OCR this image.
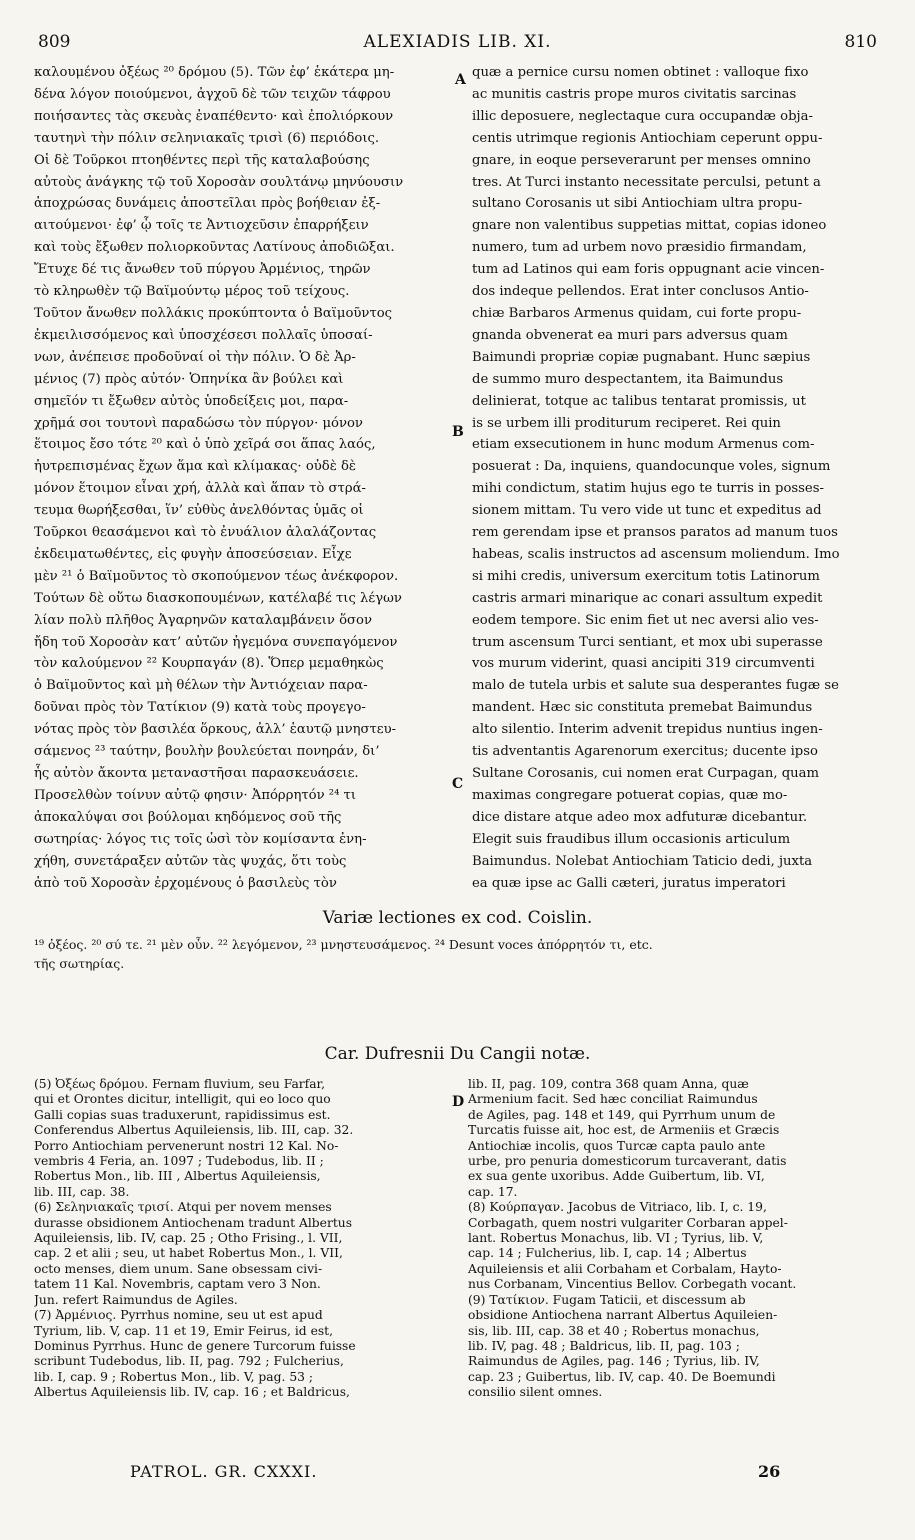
809	ALEXIADIS LIB. XI.	810
καλουμένου ὀξέως ²⁰ δρόμου (5). Τῶν ἐφ’ ἑκάτερα μη-
δένα λόγον ποιούμενοι, ἀγχοῦ δὲ τῶν τειχῶν τάφρου
ποιήσαντες τὰς σκευὰς ἐναπέθεντο· καὶ ἐπολιόρκουν
ταυτηνὶ τὴν πόλιν σεληνιακαῖς τρισὶ (6) περιόδοις.
Οἱ δὲ Τοῦρκοι πτοηθέντες περὶ τῆς καταλαβούσης
αὐτοὺς ἀνάγκης τῷ τοῦ Χοροσὰν σουλτάνῳ μηνύουσιν
ἀποχρώσας δυνάμεις ἀποστεῖλαι πρὸς βοήθειαν ἐξ-
αιτούμενοι· ἐφ’ ᾧ τοῖς τε Ἀντιοχεῦσιν ἐπαρρήξειν
καὶ τοὺς ἔξωθεν πολιορκοῦντας Λατίνους ἀποδιῶξαι.
Ἔτυχε δέ τις ἄνωθεν τοῦ πύργου Ἀρμένιος, τηρῶν
τὸ κληρωθὲν τῷ Βαϊμούντῳ μέρος τοῦ τείχους.
Τοῦτον ἄνωθεν πολλάκις προκύπτοντα ὁ Βαϊμοῦντος
ἐκμειλισσόμενος καὶ ὑποσχέσεσι πολλαῖς ὑποσαί-
νων, ἀνέπεισε προδοῦναί οἱ τὴν πόλιν. Ὁ δὲ Ἀρ-
μένιος (7) πρὸς αὐτόν· Ὁπηνίκα ἂν βούλει καὶ
σημεῖόν τι ἔξωθεν αὐτὸς ὑποδείξεις μοι, παρα-
χρῆμά σοι τουτονὶ παραδώσω τὸν πύργον· μόνον
ἕτοιμος ἔσο τότε ²⁰ καὶ ὁ ὑπὸ χεῖρά σοι ἅπας λαός,
ἠυτρεπισμένας ἔχων ἅμα καὶ κλίμακας· οὐδὲ δὲ
μόνον ἕτοιμον εἶναι χρή, ἀλλὰ καὶ ἅπαν τὸ στρά-
τευμα θωρήξεσθαι, ἵν’ εὐθὺς ἀνελθόντας ὑμᾶς οἱ
Τοῦρκοι θεασάμενοι καὶ τὸ ἐνυάλιον ἀλαλάζοντας
ἐκδειματωθέντες, εἰς φυγὴν ἀποσεύσειαν. Εἶχε
μὲν ²¹ ὁ Βαϊμοῦντος τὸ σκοπούμενον τέως ἀνέκφορον.
Τούτων δὲ οὕτω διασκοπουμένων, κατέλαβέ τις λέγων
λίαν πολὺ πλῆθος Ἀγαρηνῶν καταλαμβάνειν ὅσον
ἤδη τοῦ Χοροσὰν κατ’ αὐτῶν ἡγεμόνα συνεπαγόμενον
τὸν καλούμενον ²² Κουρπαγάν (8). Ὅπερ μεμαθηκὼς
ὁ Βαϊμοῦντος καὶ μὴ θέλων τὴν Ἀντιόχειαν παρα-
δοῦναι πρὸς τὸν Τατίκιον (9) κατὰ τοὺς προγεγο-
νότας πρὸς τὸν βασιλέα ὅρκους, ἀλλ’ ἑαυτῷ μνηστευ-
σάμενος ²³ ταύτην, βουλὴν βουλεύεται πονηράν, δι’
ἧς αὐτὸν ἄκοντα μεταναστῆσαι παρασκευάσειε.
Προσελθὼν τοίνυν αὐτῷ φησιν· Ἀπόρρητόν ²⁴ τι
ἀποκαλύψαι σοι βούλομαι κηδόμενος σοῦ τῆς
σωτηρίας· λόγος τις τοῖς ὠσὶ τὸν κομίσαντα ἐνη-
χήθη, συνετάραξεν αὐτῶν τὰς ψυχάς, ὅτι τοὺς
ἀπὸ τοῦ Χοροσὰν ἐρχομένους ὁ βασιλεὺς τὸν
quæ a pernice cursu nomen obtinet : valloque fixo
ac munitis castris prope muros civitatis sarcinas
illic deposuere, neglectaque cura occupandæ obja-
centis utrimque regionis Antiochiam ceperunt oppu-
gnare, in eoque perseverarunt per menses omnino
tres. At Turci instanto necessitate perculsi, petunt a
sultano Corosanis ut sibi Antiochiam ultra propu-
gnare non valentibus suppetias mittat, copias idoneo
numero, tum ad urbem novo præsidio firmandam,
tum ad Latinos qui eam foris oppugnant acie vincen-
dos indeque pellendos. Erat inter conclusos Antio-
chiæ Barbaros Armenus quidam, cui forte propu-
gnanda obvenerat ea muri pars adversus quam
Baimundi propriæ copiæ pugnabant. Hunc sæpius
de summo muro despectantem, ita Baimundus
delinierat, totque ac talibus tentarat promissis, ut
is se urbem illi proditurum reciperet. Rei quin
etiam exsecutionem in hunc modum Armenus com-
posuerat : Da, inquiens, quandocunque voles, signum
mihi condictum, statim hujus ego te turris in posses-
sionem mittam. Tu vero vide ut tunc et expeditus ad
rem gerendam ipse et pransos paratos ad manum tuos
habeas, scalis instructos ad ascensum moliendum. Imo
si mihi credis, universum exercitum totis Latinorum
castris armari minarique ac conari assultum expedit
eodem tempore. Sic enim fiet ut nec aversi alio ves-
trum ascensum Turci sentiant, et mox ubi superasse
vos murum viderint, quasi ancipiti 319 circumventi
malo de tutela urbis et salute sua desperantes fugæ se
mandent. Hæc sic constituta premebat Baimundus
alto silentio. Interim advenit trepidus nuntius ingen-
tis adventantis Agarenorum exercitus; ducente ipso
Sultane Corosanis, cui nomen erat Curpagan, quam
maximas congregare potuerat copias, quæ mo-
dice distare atque adeo mox adfuturæ dicebantur.
Elegit suis fraudibus illum occasionis articulum
Baimundus. Nolebat Antiochiam Taticio dedi, juxta
ea quæ ipse ac Galli cæteri, juratus imperatori
A
B
C
D
Variæ lectiones ex cod. Coislin.
¹⁹ ὀξέος. ²⁰ σύ τε. ²¹ μὲν οὖν. ²² λεγόμενον, ²³ μνηστευσάμενος. ²⁴ Desunt voces ἀπόρρητόν τι, etc.
τῆς σωτηρίας.
Car. Dufresnii Du Cangii notæ.
(5) Ὀξέως δρόμου. Fernam fluvium, seu Farfar,
qui et Orontes dicitur, intelligit, qui eo loco quo
Galli copias suas traduxerunt, rapidissimus est.
Conferendus Albertus Aquileiensis, lib. III, cap. 32.
Porro Antiochiam pervenerunt nostri 12 Kal. No-
vembris 4 Feria, an. 1097 ; Tudebodus, lib. II ;
Robertus Mon., lib. III , Albertus Aquileiensis,
lib. III, cap. 38.
(6) Σεληνιακαῖς τρισί. Atqui per novem menses
durasse obsidionem Antiochenam tradunt Albertus
Aquileiensis, lib. IV, cap. 25 ; Otho Frising., l. VII,
cap. 2 et alii ; seu, ut habet Robertus Mon., l. VII,
octo menses, diem unum. Sane obsessam civi-
tatem 11 Kal. Novembris, captam vero 3 Non.
Jun. refert Raimundus de Agiles.
(7) Ἀρμένιος. Pyrrhus nomine, seu ut est apud
Tyrium, lib. V, cap. 11 et 19, Emir Feirus, id est,
Dominus Pyrrhus. Hunc de genere Turcorum fuisse
scribunt Tudebodus, lib. II, pag. 792 ; Fulcherius,
lib. I, cap. 9 ; Robertus Mon., lib. V, pag. 53 ;
Albertus Aquileiensis lib. IV, cap. 16 ; et Baldricus,
lib. II, pag. 109, contra 368 quam Anna, quæ
Armenium facit. Sed hæc conciliat Raimundus
de Agiles, pag. 148 et 149, qui Pyrrhum unum de
Turcatis fuisse ait, hoc est, de Armeniis et Græcis
Antiochiæ incolis, quos Turcæ capta paulo ante
urbe, pro penuria domesticorum turcaverant, datis
ex sua gente uxoribus. Adde Guibertum, lib. VI,
cap. 17.
(8) Κούρπαγαν. Jacobus de Vitriaco, lib. I, c. 19,
Corbagath, quem nostri vulgariter Corbaran appel-
lant. Robertus Monachus, lib. VI ; Tyrius, lib. V,
cap. 14 ; Fulcherius, lib. I, cap. 14 ; Albertus
Aquileiensis et alii Corbaham et Corbalam, Hayto-
nus Corbanam, Vincentius Bellov. Corbegath vocant.
(9) Τατίκιον. Fugam Taticii, et discessum ab
obsidione Antiochena narrant Albertus Aquileien-
sis, lib. III, cap. 38 et 40 ; Robertus monachus,
lib. IV, pag. 48 ; Baldricus, lib. II, pag. 103 ;
Raimundus de Agiles, pag. 146 ; Tyrius, lib. IV,
cap. 23 ; Guibertus, lib. IV, cap. 40. De Boemundi
consilio silent omnes.
PATROL. GR. CXXXI.	26
